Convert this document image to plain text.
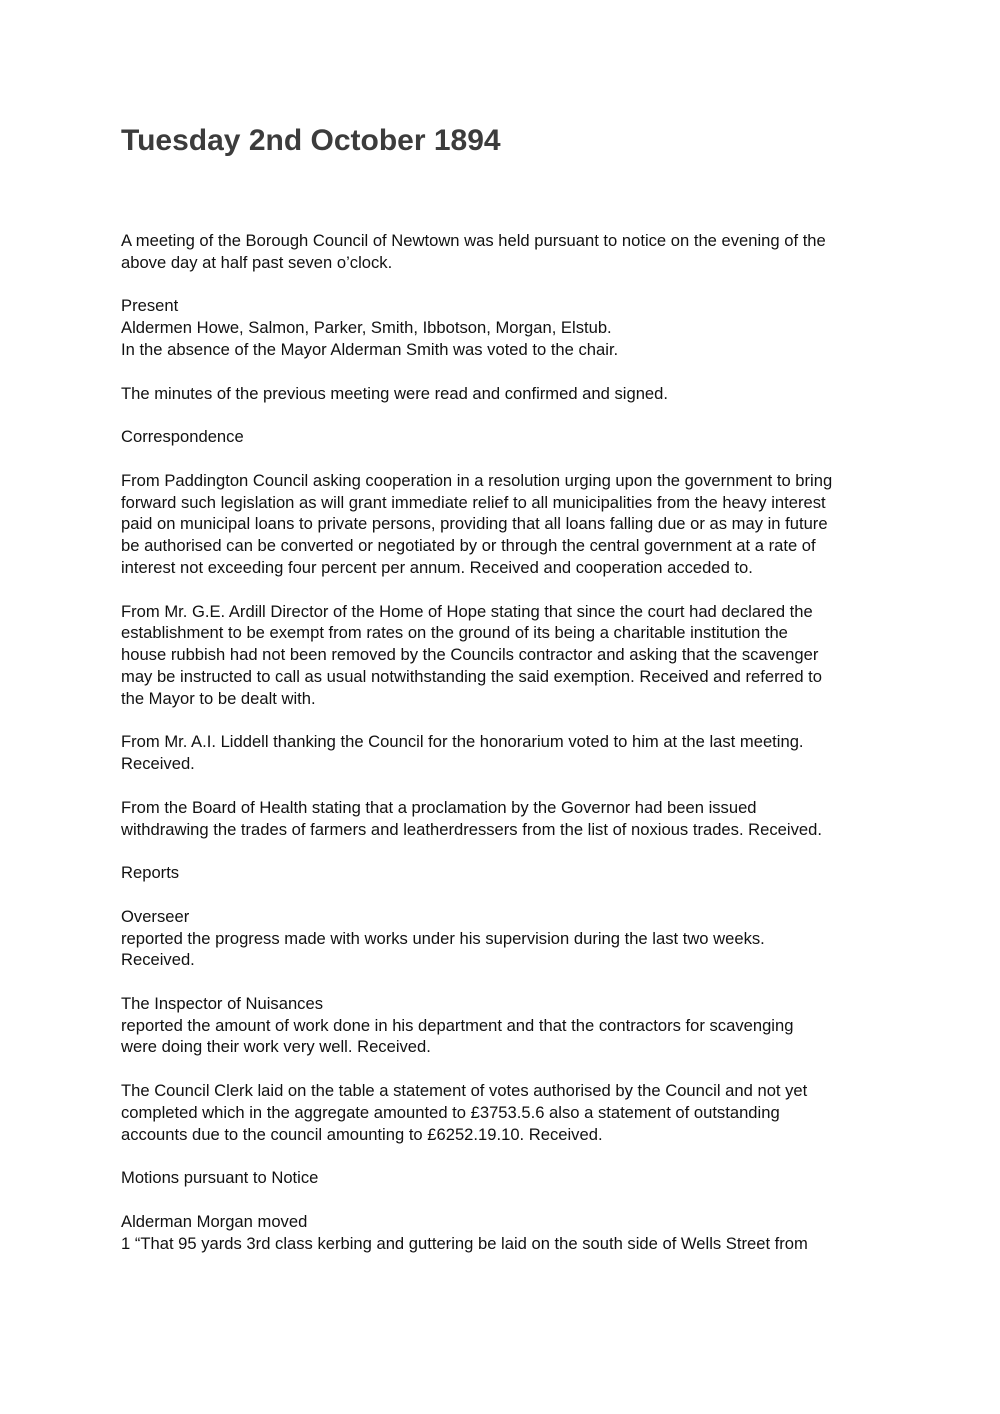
Tuesday 2nd October 1894

A meeting of the Borough Council of Newtown was held pursuant to notice on the evening of the
above day at half past seven o’clock.

Present
Aldermen Howe, Salmon, Parker, Smith, Ibbotson, Morgan, Elstub.
In the absence of the Mayor Alderman Smith was voted to the chair.

The minutes of the previous meeting were read and confirmed and signed.

Correspondence

From Paddington Council asking cooperation in a resolution urging upon the government to bring
forward such legislation as will grant immediate relief to all municipalities from the heavy interest
paid on municipal loans to private persons, providing that all loans falling due or as may in future
be authorised can be converted or negotiated by or through the central government at a rate of
interest not exceeding four percent per annum. Received and cooperation acceded to.

From Mr. G.E. Ardill Director of the Home of Hope stating that since the court had declared the
establishment to be exempt from rates on the ground of its being a charitable institution the
house rubbish had not been removed by the Councils contractor and asking that the scavenger
may be instructed to call as usual notwithstanding the said exemption. Received and referred to
the Mayor to be dealt with.

From Mr. A.I. Liddell thanking the Council for the honorarium voted to him at the last meeting.
Received.

From the Board of Health stating that a proclamation by the Governor had been issued
withdrawing the trades of farmers and leatherdressers from the list of noxious trades. Received.

Reports

Overseer
reported the progress made with works under his supervision during the last two weeks.
Received.

The Inspector of Nuisances
reported the amount of work done in his department and that the contractors for scavenging
were doing their work very well. Received.

The Council Clerk laid on the table a statement of votes authorised by the Council and not yet
completed which in the aggregate amounted to £3753.5.6 also a statement of outstanding
accounts due to the council amounting to £6252.19.10. Received.

Motions pursuant to Notice

Alderman Morgan moved
1 “That 95 yards 3rd class kerbing and guttering be laid on the south side of Wells Street from
